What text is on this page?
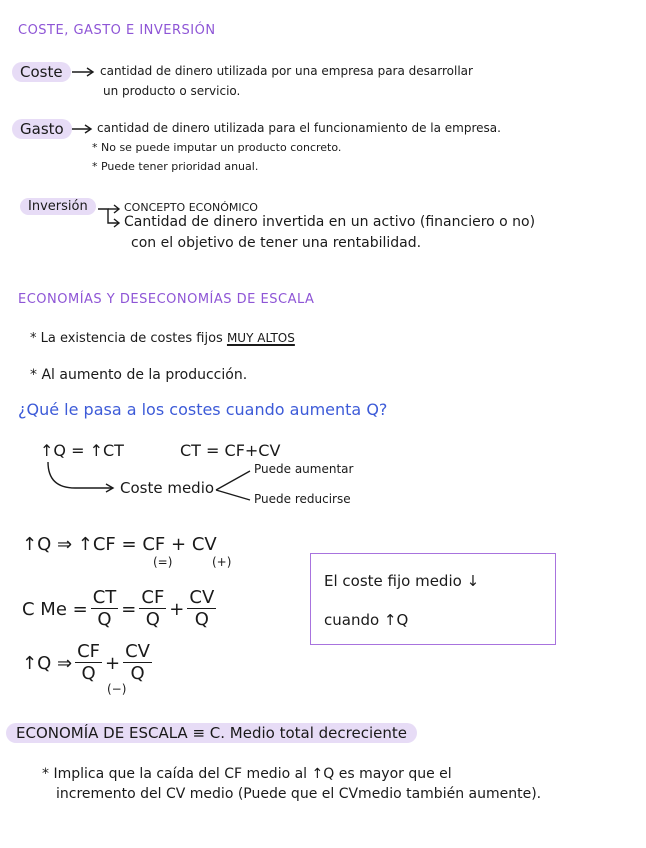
COSTE, GASTO E INVERSIÓN
Coste	cantidad de dinero utilizada por una empresa para desarrollar
un producto o servicio.
Gasto	cantidad de dinero utilizada para el funcionamiento de la empresa.
* No se puede imputar un producto concreto.
* Puede tener prioridad anual.
Inversión	CONCEPTO ECONÓMICO
Cantidad de dinero invertida en un activo (financiero o no)
con el objetivo de tener una rentabilidad.
ECONOMÍAS Y DESECONOMÍAS DE ESCALA
* La existencia de costes fijos MUY ALTOS
* Al aumento de la producción.
¿Qué le pasa a los costes cuando aumenta Q?
↑Q = ↑CT	CT = CF+CV
Coste medio
Puede aumentar
Puede reducirse
↑Q ⇒ ↑CF = CF + CV
(=)	(+)
C $Me = \frac{CT}{Q} = \frac{CF}{Q} + \frac{CV}{Q}$
↑Q ⇒ $\frac{CF}{Q} + \frac{CV}{Q}$
(−)
El coste fijo medio ↓
cuando ↑Q
ECONOMÍA DE ESCALA ≡ C. Medio total decreciente
* Implica que la caída del CF medio al ↑Q es mayor que el
incremento del CV medio (Puede que el CVmedio también aumente).
